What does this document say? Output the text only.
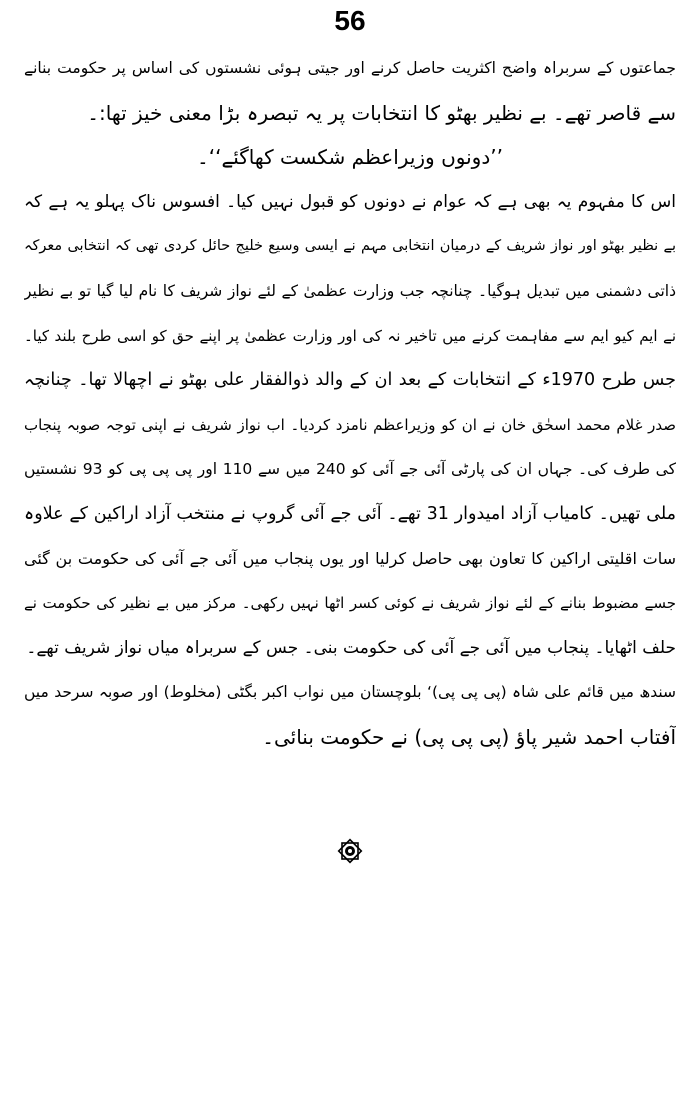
56
جماعتوں کے سربراہ واضح اکثریت حاصل کرنے اور جیتی ہوئی نشستوں کی اساس پر حکومت بنانے
سے قاصر تھے۔ بے نظیر بھٹو کا انتخابات پر یہ تبصرہ بڑا معنی خیز تھا:۔
’’دونوں وزیراعظم شکست کھاگئے‘‘۔
اس کا مفہوم یہ بھی ہے کہ عوام نے دونوں کو قبول نہیں کیا۔ افسوس ناک پہلو یہ ہے کہ
بے نظیر بھٹو اور نواز شریف کے درمیان انتخابی مہم نے ایسی وسیع خلیج حائل کردی تھی کہ انتخابی معرکہ
ذاتی دشمنی میں تبدیل ہوگیا۔ چنانچہ جب وزارت عظمیٰ کے لئے نواز شریف کا نام لیا گیا تو بے نظیر
نے ایم کیو ایم سے مفاہمت کرنے میں تاخیر نہ کی اور وزارت عظمیٰ پر اپنے حق کو اسی طرح بلند کیا۔
جس طرح 1970ء کے انتخابات کے بعد ان کے والد ذوالفقار علی بھٹو نے اچھالا تھا۔ چنانچہ
صدر غلام محمد اسحٰق خان نے ان کو وزیراعظم نامزد کردیا۔ اب نواز شریف نے اپنی توجہ صوبہ پنجاب
کی طرف کی۔ جہاں ان کی پارٹی آئی جے آئی کو 240 میں سے 110 اور پی پی پی کو 93 نشستیں
ملی تھیں۔ کامیاب آزاد امیدوار 31 تھے۔ آئی جے آئی گروپ نے منتخب آزاد اراکین کے علاوہ
سات اقلیتی اراکین کا تعاون بھی حاصل کرلیا اور یوں پنجاب میں آئی جے آئی کی حکومت بن گئی
جسے مضبوط بنانے کے لئے نواز شریف نے کوئی کسر اٹھا نہیں رکھی۔ مرکز میں بے نظیر کی حکومت نے
حلف اٹھایا۔ پنجاب میں آئی جے آئی کی حکومت بنی۔ جس کے سربراہ میاں نواز شریف تھے۔
سندھ میں قائم علی شاہ (پی پی پی)‘ بلوچستان میں نواب اکبر بگٹی (مخلوط) اور صوبہ سرحد میں
آفتاب احمد شیر پاؤ (پی پی پی) نے حکومت بنائی۔
